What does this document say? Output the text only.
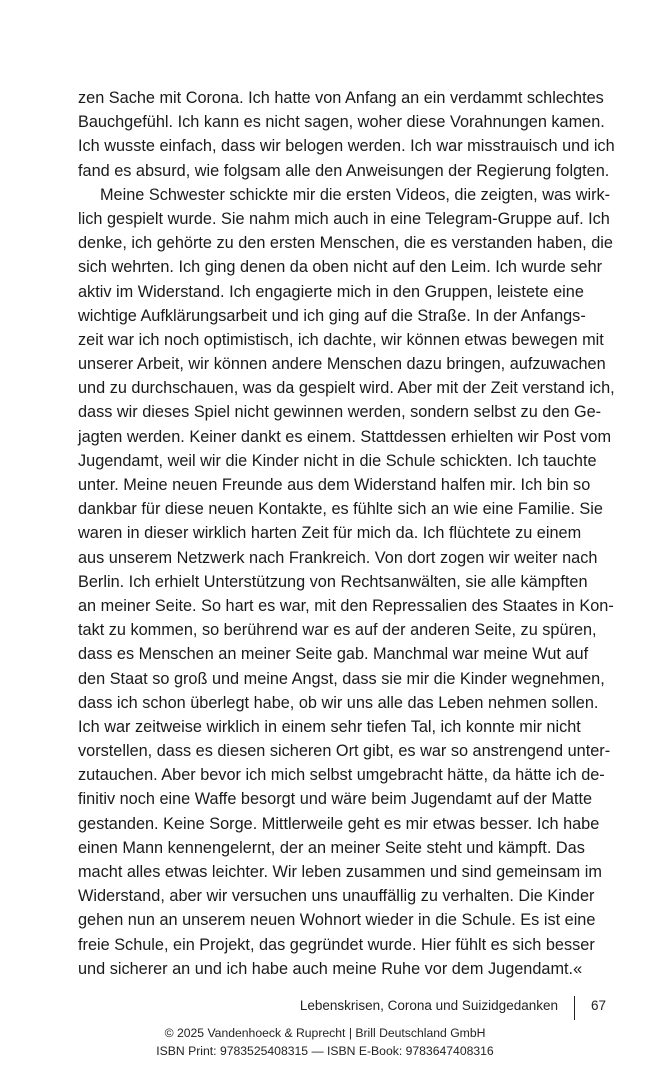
zen Sache mit Corona. Ich hatte von Anfang an ein verdammt schlechtes
Bauchgefühl. Ich kann es nicht sagen, woher diese Vorahnungen kamen.
Ich wusste einfach, dass wir belogen werden. Ich war misstrauisch und ich
fand es absurd, wie folgsam alle den Anweisungen der Regierung folgten.
Meine Schwester schickte mir die ersten Videos, die zeigten, was wirk-
lich gespielt wurde. Sie nahm mich auch in eine Telegram-Gruppe auf. Ich
denke, ich gehörte zu den ersten Menschen, die es verstanden haben, die
sich wehrten. Ich ging denen da oben nicht auf den Leim. Ich wurde sehr
aktiv im Widerstand. Ich engagierte mich in den Gruppen, leistete eine
wichtige Aufklärungsarbeit und ich ging auf die Straße. In der Anfangs-
zeit war ich noch optimistisch, ich dachte, wir können etwas bewegen mit
unserer Arbeit, wir können andere Menschen dazu bringen, aufzuwachen
und zu durchschauen, was da gespielt wird. Aber mit der Zeit verstand ich,
dass wir dieses Spiel nicht gewinnen werden, sondern selbst zu den Ge-
jagten werden. Keiner dankt es einem. Stattdessen erhielten wir Post vom
Jugendamt, weil wir die Kinder nicht in die Schule schickten. Ich tauchte
unter. Meine neuen Freunde aus dem Widerstand halfen mir. Ich bin so
dankbar für diese neuen Kontakte, es fühlte sich an wie eine Familie. Sie
waren in dieser wirklich harten Zeit für mich da. Ich flüchtete zu einem
aus unserem Netzwerk nach Frankreich. Von dort zogen wir weiter nach
Berlin. Ich erhielt Unterstützung von Rechtsanwälten, sie alle kämpften
an meiner Seite. So hart es war, mit den Repressalien des Staates in Kon-
takt zu kommen, so berührend war es auf der anderen Seite, zu spüren,
dass es Menschen an meiner Seite gab. Manchmal war meine Wut auf
den Staat so groß und meine Angst, dass sie mir die Kinder wegnehmen,
dass ich schon überlegt habe, ob wir uns alle das Leben nehmen sollen.
Ich war zeitweise wirklich in einem sehr tiefen Tal, ich konnte mir nicht
vorstellen, dass es diesen sicheren Ort gibt, es war so anstrengend unter-
zutauchen. Aber bevor ich mich selbst umgebracht hätte, da hätte ich de-
finitiv noch eine Waffe besorgt und wäre beim Jugendamt auf der Matte
gestanden. Keine Sorge. Mittlerweile geht es mir etwas besser. Ich habe
einen Mann kennengelernt, der an meiner Seite steht und kämpft. Das
macht alles etwas leichter. Wir leben zusammen und sind gemeinsam im
Widerstand, aber wir versuchen uns unauffällig zu verhalten. Die Kinder
gehen nun an unserem neuen Wohnort wieder in die Schule. Es ist eine
freie Schule, ein Projekt, das gegründet wurde. Hier fühlt es sich besser
und sicherer an und ich habe auch meine Ruhe vor dem Jugendamt.«
Lebenskrisen, Corona und Suizidgedanken 67
© 2025 Vandenhoeck & Ruprecht | Brill Deutschland GmbH
ISBN Print: 9783525408315 — ISBN E-Book: 9783647408316
